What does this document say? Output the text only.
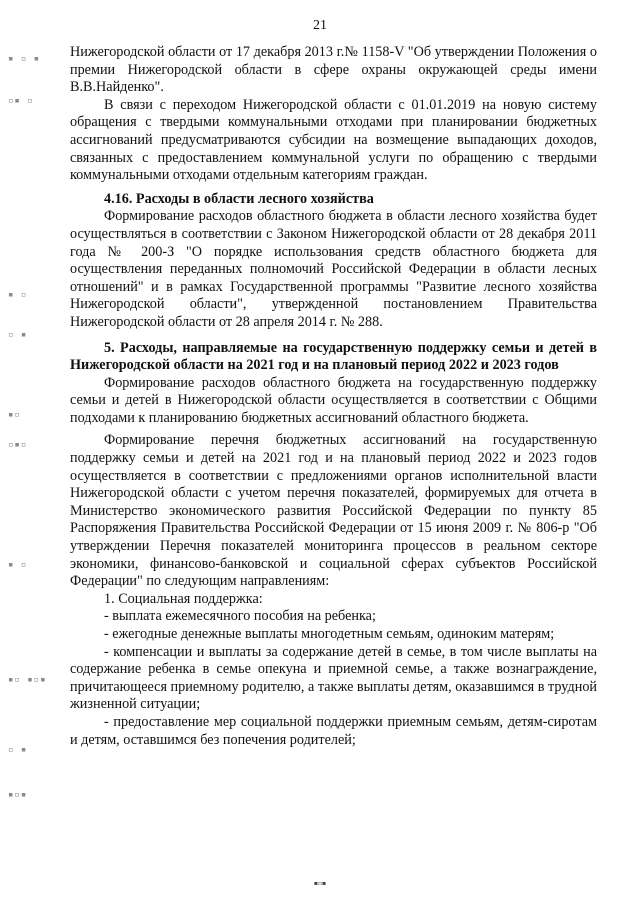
21

Нижегородской области от 17 декабря 2013 г.№ 1158-V "Об утверждении Положения о премии Нижегородской области в сфере охраны окружающей среды имени В.В.Найденко".

В связи с переходом Нижегородской области с 01.01.2019 на новую систему обращения с твердыми коммунальными отходами при планировании бюджетных ассигнований предусматриваются субсидии на возмещение выпадающих доходов, связанных с предоставлением коммунальной услуги по обращению с твердыми коммунальными отходами отдельным категориям граждан.

4.16. Расходы в области лесного хозяйства

Формирование расходов областного бюджета в области лесного хозяйства будет осуществляться в соответствии с Законом Нижегородской области от 28 декабря 2011 года № 200-З "О порядке использования средств областного бюджета для осуществления переданных полномочий Российской Федерации в области лесных отношений" и в рамках Государственной программы "Развитие лесного хозяйства Нижегородской области", утвержденной постановлением Правительства Нижегородской области от 28 апреля 2014 г. № 288.

5. Расходы, направляемые на государственную поддержку семьи и детей в Нижегородской области на 2021 год и на плановый период 2022 и 2023 годов

Формирование расходов областного бюджета на государственную поддержку семьи и детей в Нижегородской области осуществляется в соответствии с Общими подходами к планированию бюджетных ассигнований областного бюджета.

Формирование перечня бюджетных ассигнований на государственную поддержку семьи и детей на 2021 год и на плановый период 2022 и 2023 годов осуществляется в соответствии с предложениями органов исполнительной власти Нижегородской области с учетом перечня показателей, формируемых для отчета в Министерство экономического развития Российской Федерации по пункту 85 Распоряжения Правительства Российской Федерации от 15 июня 2009 г. № 806-р "Об утверждении Перечня показателей мониторинга процессов в реальном секторе экономики, финансово-банковской и социальной сферах субъектов Российской Федерации" по следующим направлениям:

1. Социальная поддержка:

- выплата ежемесячного пособия на ребенка;

- ежегодные денежные выплаты многодетным семьям, одиноким матерям;

- компенсации и выплаты за содержание детей в семье, в том числе выплаты на содержание ребенка в семье опекуна и приемной семье, а также вознаграждение, причитающееся приемному родителю, а также выплаты детям, оказавшимся в трудной жизненной ситуации;

- предоставление мер социальной поддержки приемным семьям, детям-сиротам и детям, оставшимся без попечения родителей;

▪ ▫ ▪
▫▪ ▫
▪ ▫
▫ ▪
▪▫
▫▪▫
▪ ▫
▪▫ ▪▫▪
▫ ▪
▪▫▪
▪▫▪
